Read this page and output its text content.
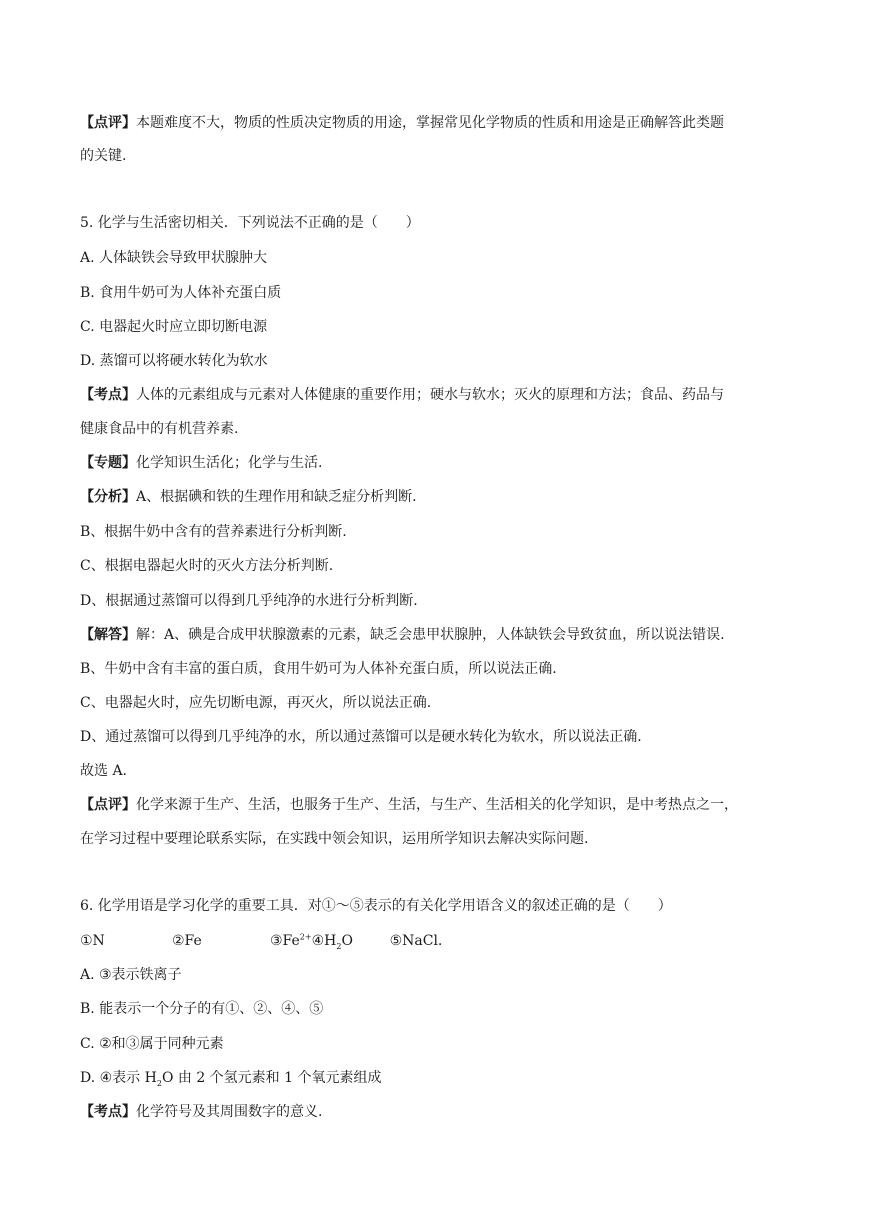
【点评】本题难度不大，物质的性质决定物质的用途，掌握常见化学物质的性质和用途是正确解答此类题
的关键.
5. 化学与生活密切相关．下列说法不正确的是（　　）
A. 人体缺铁会导致甲状腺肿大
B. 食用牛奶可为人体补充蛋白质
C. 电器起火时应立即切断电源
D. 蒸馏可以将硬水转化为软水
【考点】人体的元素组成与元素对人体健康的重要作用；硬水与软水；灭火的原理和方法；食品、药品与
健康食品中的有机营养素.
【专题】化学知识生活化；化学与生活.
【分析】A、根据碘和铁的生理作用和缺乏症分析判断.
B、根据牛奶中含有的营养素进行分析判断.
C、根据电器起火时的灭火方法分析判断.
D、根据通过蒸馏可以得到几乎纯净的水进行分析判断.
【解答】解：A、碘是合成甲状腺激素的元素，缺乏会患甲状腺肿，人体缺铁会导致贫血，所以说法错误.
B、牛奶中含有丰富的蛋白质，食用牛奶可为人体补充蛋白质，所以说法正确.
C、电器起火时，应先切断电源，再灭火，所以说法正确.
D、通过蒸馏可以得到几乎纯净的水，所以通过蒸馏可以是硬水转化为软水，所以说法正确.
故选 A.
【点评】化学来源于生产、生活，也服务于生产、生活，与生产、生活相关的化学知识，是中考热点之一，
在学习过程中要理论联系实际，在实践中领会知识，运用所学知识去解决实际问题.
6. 化学用语是学习化学的重要工具．对①～⑤表示的有关化学用语含义的叙述正确的是（　　）
①N	②Fe	$③Fe^{2+}④H_2O$	⑤NaCl.
A. ③表示铁离子
B. 能表示一个分子的有①、②、④、⑤
C. ②和③属于同种元素
D. ④表示 $H_2O$ 由 2 个氢元素和 1 个氧元素组成
【考点】化学符号及其周围数字的意义.
